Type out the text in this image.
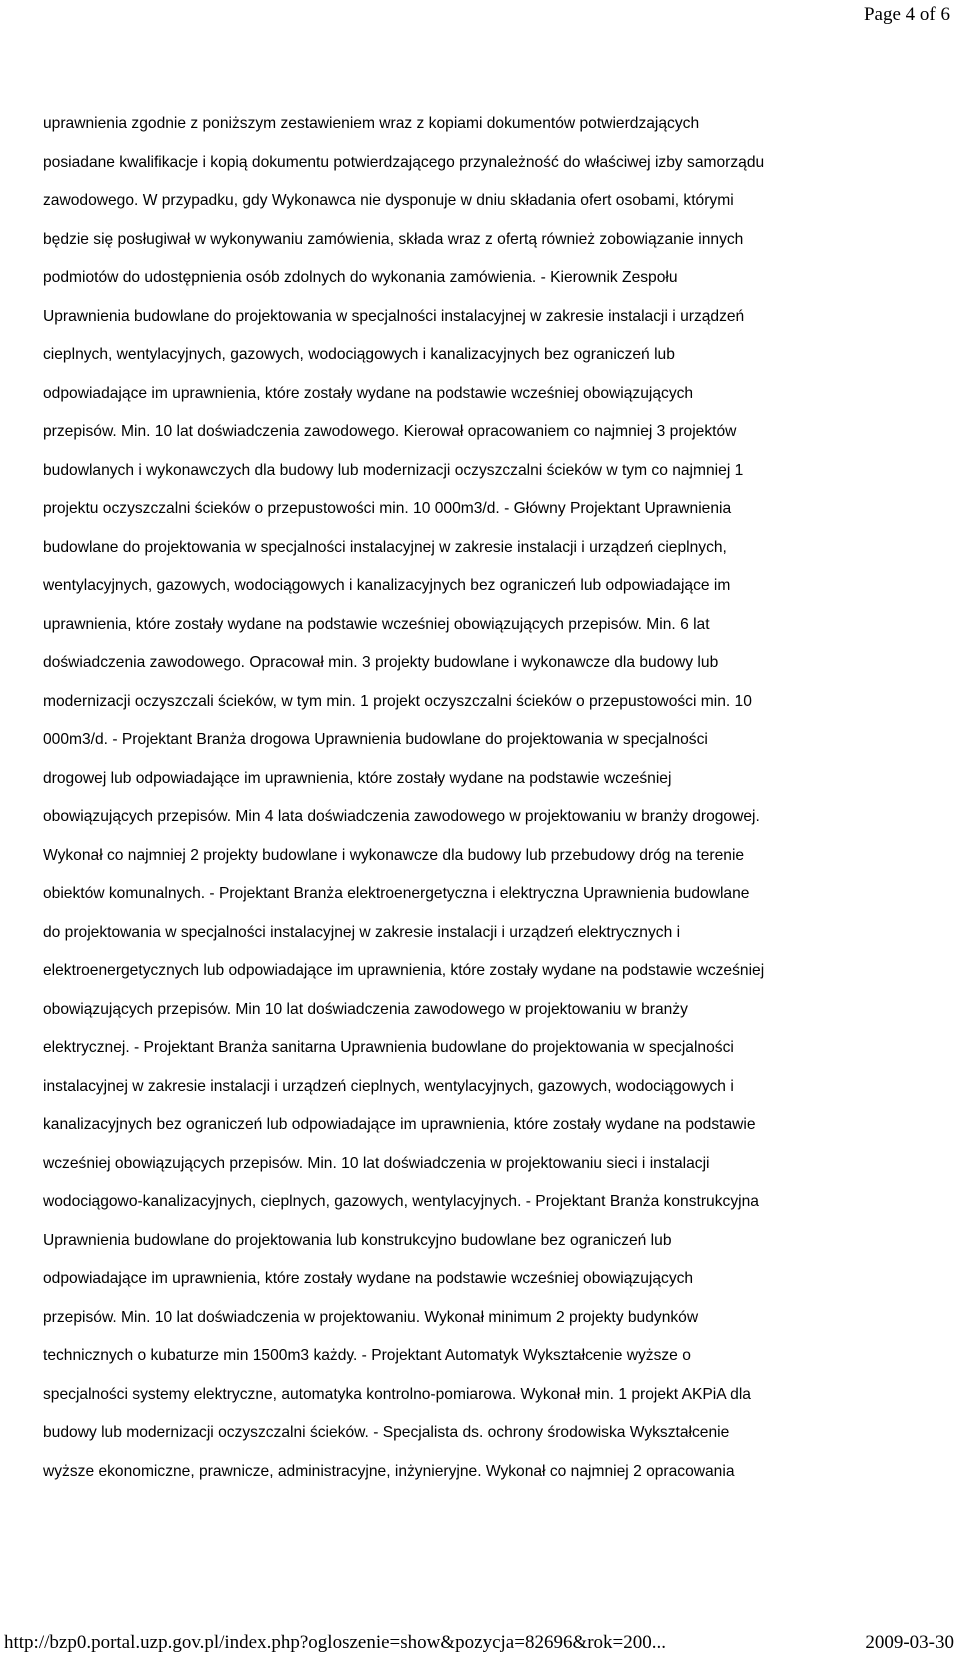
Page 4 of 6
uprawnienia zgodnie z poniższym zestawieniem wraz z kopiami dokumentów potwierdzających
posiadane kwalifikacje i kopią dokumentu potwierdzającego przynależność do właściwej izby samorządu
zawodowego. W przypadku, gdy Wykonawca nie dysponuje w dniu składania ofert osobami, którymi
będzie się posługiwał w wykonywaniu zamówienia, składa wraz z ofertą również zobowiązanie innych
podmiotów do udostępnienia osób zdolnych do wykonania zamówienia. - Kierownik Zespołu
Uprawnienia budowlane do projektowania w specjalności instalacyjnej w zakresie instalacji i urządzeń
cieplnych, wentylacyjnych, gazowych, wodociągowych i kanalizacyjnych bez ograniczeń lub
odpowiadające im uprawnienia, które zostały wydane na podstawie wcześniej obowiązujących
przepisów. Min. 10 lat doświadczenia zawodowego. Kierował opracowaniem co najmniej 3 projektów
budowlanych i wykonawczych dla budowy lub modernizacji oczyszczalni ścieków w tym co najmniej 1
projektu oczyszczalni ścieków o przepustowości min. 10 000m3/d. - Główny Projektant Uprawnienia
budowlane do projektowania w specjalności instalacyjnej w zakresie instalacji i urządzeń cieplnych,
wentylacyjnych, gazowych, wodociągowych i kanalizacyjnych bez ograniczeń lub odpowiadające im
uprawnienia, które zostały wydane na podstawie wcześniej obowiązujących przepisów. Min. 6 lat
doświadczenia zawodowego. Opracował min. 3 projekty budowlane i wykonawcze dla budowy lub
modernizacji oczyszczali ścieków, w tym min. 1 projekt oczyszczalni ścieków o przepustowości min. 10
000m3/d. - Projektant Branża drogowa Uprawnienia budowlane do projektowania w specjalności
drogowej lub odpowiadające im uprawnienia, które zostały wydane na podstawie wcześniej
obowiązujących przepisów. Min 4 lata doświadczenia zawodowego w projektowaniu w branży drogowej.
Wykonał co najmniej 2 projekty budowlane i wykonawcze dla budowy lub przebudowy dróg na terenie
obiektów komunalnych. - Projektant Branża elektroenergetyczna i elektryczna Uprawnienia budowlane
do projektowania w specjalności instalacyjnej w zakresie instalacji i urządzeń elektrycznych i
elektroenergetycznych lub odpowiadające im uprawnienia, które zostały wydane na podstawie wcześniej
obowiązujących przepisów. Min 10 lat doświadczenia zawodowego w projektowaniu w branży
elektrycznej. - Projektant Branża sanitarna Uprawnienia budowlane do projektowania w specjalności
instalacyjnej w zakresie instalacji i urządzeń cieplnych, wentylacyjnych, gazowych, wodociągowych i
kanalizacyjnych bez ograniczeń lub odpowiadające im uprawnienia, które zostały wydane na podstawie
wcześniej obowiązujących przepisów. Min. 10 lat doświadczenia w projektowaniu sieci i instalacji
wodociągowo-kanalizacyjnych, cieplnych, gazowych, wentylacyjnych. - Projektant Branża konstrukcyjna
Uprawnienia budowlane do projektowania lub konstrukcyjno budowlane bez ograniczeń lub
odpowiadające im uprawnienia, które zostały wydane na podstawie wcześniej obowiązujących
przepisów. Min. 10 lat doświadczenia w projektowaniu. Wykonał minimum 2 projekty budynków
technicznych o kubaturze min 1500m3 każdy. - Projektant Automatyk Wykształcenie wyższe o
specjalności systemy elektryczne, automatyka kontrolno-pomiarowa. Wykonał min. 1 projekt AKPiA dla
budowy lub modernizacji oczyszczalni ścieków. - Specjalista ds. ochrony środowiska Wykształcenie
wyższe ekonomiczne, prawnicze, administracyjne, inżynieryjne. Wykonał co najmniej 2 opracowania
http://bzp0.portal.uzp.gov.pl/index.php?ogloszenie=show&pozycja=82696&rok=200...	2009-03-30
